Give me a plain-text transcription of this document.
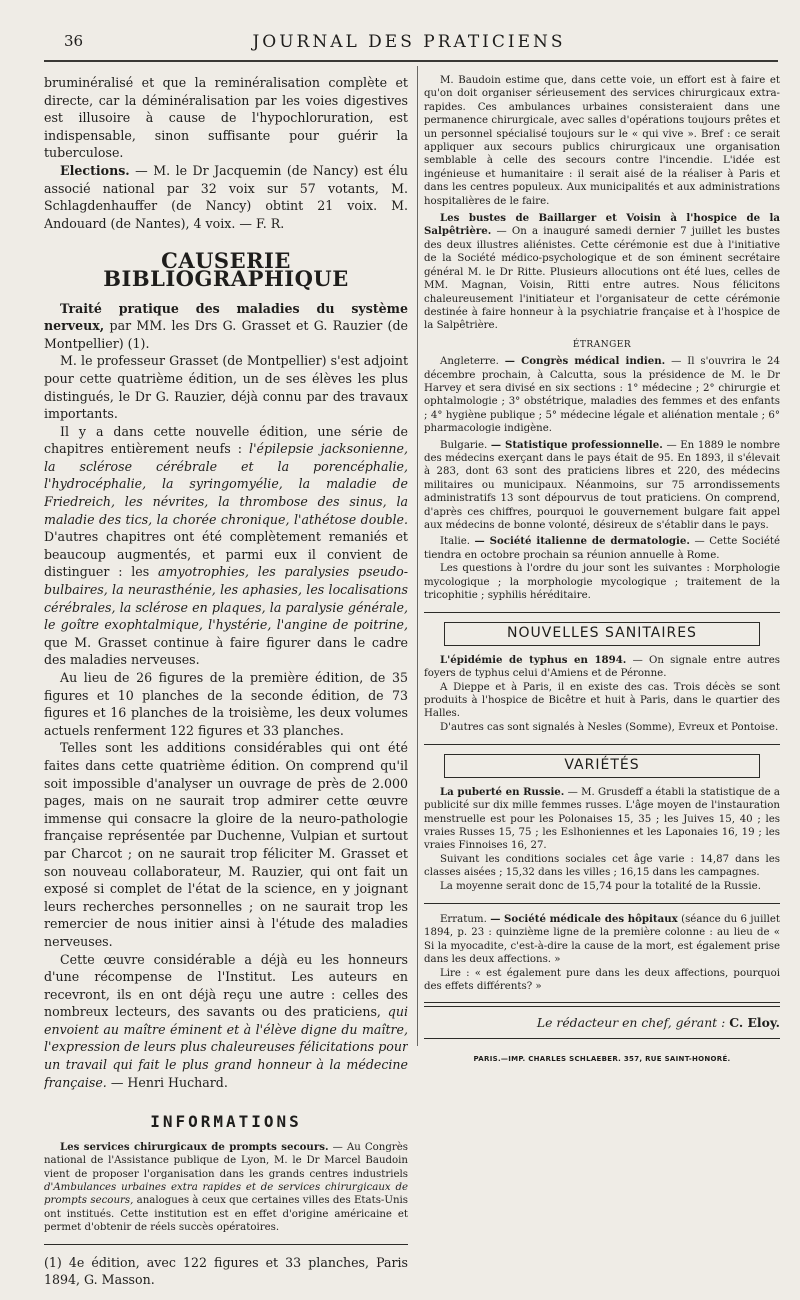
36	JOURNAL DES PRATICIENS

bruminéralisé et que la reminéralisation complète et directe, car la déminéralisation par les voies digestives est illusoire à cause de l'hypochloruration, est indispensable, sinon suffisante pour guérir la tuberculose.

Elections. — M. le Dr Jacquemin (de Nancy) est élu associé national par 32 voix sur 57 votants, M. Schlagdenhauffer (de Nancy) obtint 21 voix. M. Andouard (de Nantes), 4 voix. — F. R.

CAUSERIE BIBLIOGRAPHIQUE

Traité pratique des maladies du système nerveux, par MM. les Drs G. Grasset et G. Rauzier (de Montpellier) (1).

M. le professeur Grasset (de Montpellier) s'est adjoint pour cette quatrième édition, un de ses élèves les plus distingués, le Dr G. Rauzier, déjà connu par des travaux importants.

Il y a dans cette nouvelle édition, une série de chapitres entièrement neufs : l'épilepsie jacksonienne, la sclérose cérébrale et la porencéphalie, l'hydrocéphalie, la syringomyélie, la maladie de Friedreich, les névrites, la thrombose des sinus, la maladie des tics, la chorée chronique, l'athétose double. D'autres chapitres ont été complètement remaniés et beaucoup augmentés, et parmi eux il convient de distinguer : les amyotrophies, les paralysies pseudo-bulbaires, la neurasthénie, les aphasies, les localisations cérébrales, la sclérose en plaques, la paralysie générale, le goître exophtalmique, l'hystérie, l'angine de poitrine, que M. Grasset continue à faire figurer dans le cadre des maladies nerveuses.

Au lieu de 26 figures de la première édition, de 35 figures et 10 planches de la seconde édition, de 73 figures et 16 planches de la troisième, les deux volumes actuels renferment 122 figures et 33 planches.

Telles sont les additions considérables qui ont été faites dans cette quatrième édition. On comprend qu'il soit impossible d'analyser un ouvrage de près de 2.000 pages, mais on ne saurait trop admirer cette œuvre immense qui consacre la gloire de la neuro-pathologie française représentée par Duchenne, Vulpian et surtout par Charcot ; on ne saurait trop féliciter M. Grasset et son nouveau collaborateur, M. Rauzier, qui ont fait un exposé si complet de l'état de la science, en y joignant leurs recherches personnelles ; on ne saurait trop les remercier de nous initier ainsi à l'étude des maladies nerveuses.

Cette œuvre considérable a déjà eu les honneurs d'une récompense de l'Institut. Les auteurs en recevront, ils en ont déjà reçu une autre : celles des nombreux lecteurs, des savants ou des praticiens, qui envoient au maître éminent et à l'élève digne du maître, l'expression de leurs plus chaleureuses félicitations pour un travail qui fait le plus grand honneur à la médecine française. — Henri Huchard.

INFORMATIONS

Les services chirurgicaux de prompts secours. — Au Congrès national de l'Assistance publique de Lyon, M. le Dr Marcel Baudoin vient de proposer l'organisation dans les grands centres industriels d'Ambulances urbaines extra rapides et de services chirurgicaux de prompts secours, analogues à ceux que certaines villes des Etats-Unis ont institués. Cette institution est en effet d'origine américaine et permet d'obtenir de réels succès opératoires.

(1) 4e édition, avec 122 figures et 33 planches, Paris 1894, G. Masson.

M. Baudoin estime que, dans cette voie, un effort est à faire et qu'on doit organiser sérieusement des services chirurgicaux extra-rapides. Ces ambulances urbaines consisteraient dans une permanence chirurgicale, avec salles d'opérations toujours prêtes et un personnel spécialisé toujours sur le « qui vive ». Bref : ce serait appliquer aux secours publics chirurgicaux une organisation semblable à celle des secours contre l'incendie. L'idée est ingénieuse et humanitaire : il serait aisé de la réaliser à Paris et dans les centres populeux. Aux municipalités et aux administrations hospitalières de le faire.

Les bustes de Baillarger et Voisin à l'hospice de la Salpêtrière. — On a inauguré samedi dernier 7 juillet les bustes des deux illustres aliénistes. Cette cérémonie est due à l'initiative de la Société médico-psychologique et de son éminent secrétaire général M. le Dr Ritte. Plusieurs allocutions ont été lues, celles de MM. Magnan, Voisin, Ritti entre autres. Nous félicitons chaleureusement l'initiateur et l'organisateur de cette cérémonie destinée à faire honneur à la psychiatrie française et à l'hospice de la Salpêtrière.

ÉTRANGER

Angleterre. — Congrès médical indien. — Il s'ouvrira le 24 décembre prochain, à Calcutta, sous la présidence de M. le Dr Harvey et sera divisé en six sections : 1° médecine ; 2° chirurgie et ophtalmologie ; 3° obstétrique, maladies des femmes et des enfants ; 4° hygiène publique ; 5° médecine légale et aliénation mentale ; 6° pharmacologie indigène.

Bulgarie. — Statistique professionnelle. — En 1889 le nombre des médecins exerçant dans le pays était de 95. En 1893, il s'élevait à 283, dont 63 sont des praticiens libres et 220, des médecins militaires ou municipaux. Néanmoins, sur 75 arrondissements administratifs 13 sont dépourvus de tout praticiens. On comprend, d'après ces chiffres, pourquoi le gouvernement bulgare fait appel aux médecins de bonne volonté, désireux de s'établir dans le pays.

Italie. — Société italienne de dermatologie. — Cette Société tiendra en octobre prochain sa réunion annuelle à Rome.

Les questions à l'ordre du jour sont les suivantes : Morphologie mycologique ; la morphologie mycologique ; traitement de la tricophitie ; syphilis héréditaire.

NOUVELLES SANITAIRES

L'épidémie de typhus en 1894. — On signale entre autres foyers de typhus celui d'Amiens et de Péronne.

A Dieppe et à Paris, il en existe des cas. Trois décès se sont produits à l'hospice de Bicêtre et huit à Paris, dans le quartier des Halles.

D'autres cas sont signalés à Nesles (Somme), Evreux et Pontoise.

VARIÉTÉS

La puberté en Russie. — M. Grusdeff a établi la statistique de a publicité sur dix mille femmes russes. L'âge moyen de l'instauration menstruelle est pour les Polonaises 15, 35 ; les Juives 15, 40 ; les vraies Russes 15, 75 ; les Eslhoniennes et les Laponaies 16, 19 ; les vraies Finnoises 16, 27.

Suivant les conditions sociales cet âge varie : 14,87 dans les classes aisées ; 15,32 dans les villes ; 16,15 dans les campagnes.

La moyenne serait donc de 15,74 pour la totalité de la Russie.

Erratum. — Société médicale des hôpitaux (séance du 6 juillet 1894, p. 23 : quinzième ligne de la première colonne : au lieu de « Si la myocadite, c'est-à-dire la cause de la mort, est également prise dans les deux affections. »

Lire : « est également pure dans les deux affections, pourquoi des effets différents? »

Le rédacteur en chef, gérant : C. Eloy.
PARIS.—IMP. CHARLES SCHLAEBER. 357, RUE SAINT-HONORÉ.
